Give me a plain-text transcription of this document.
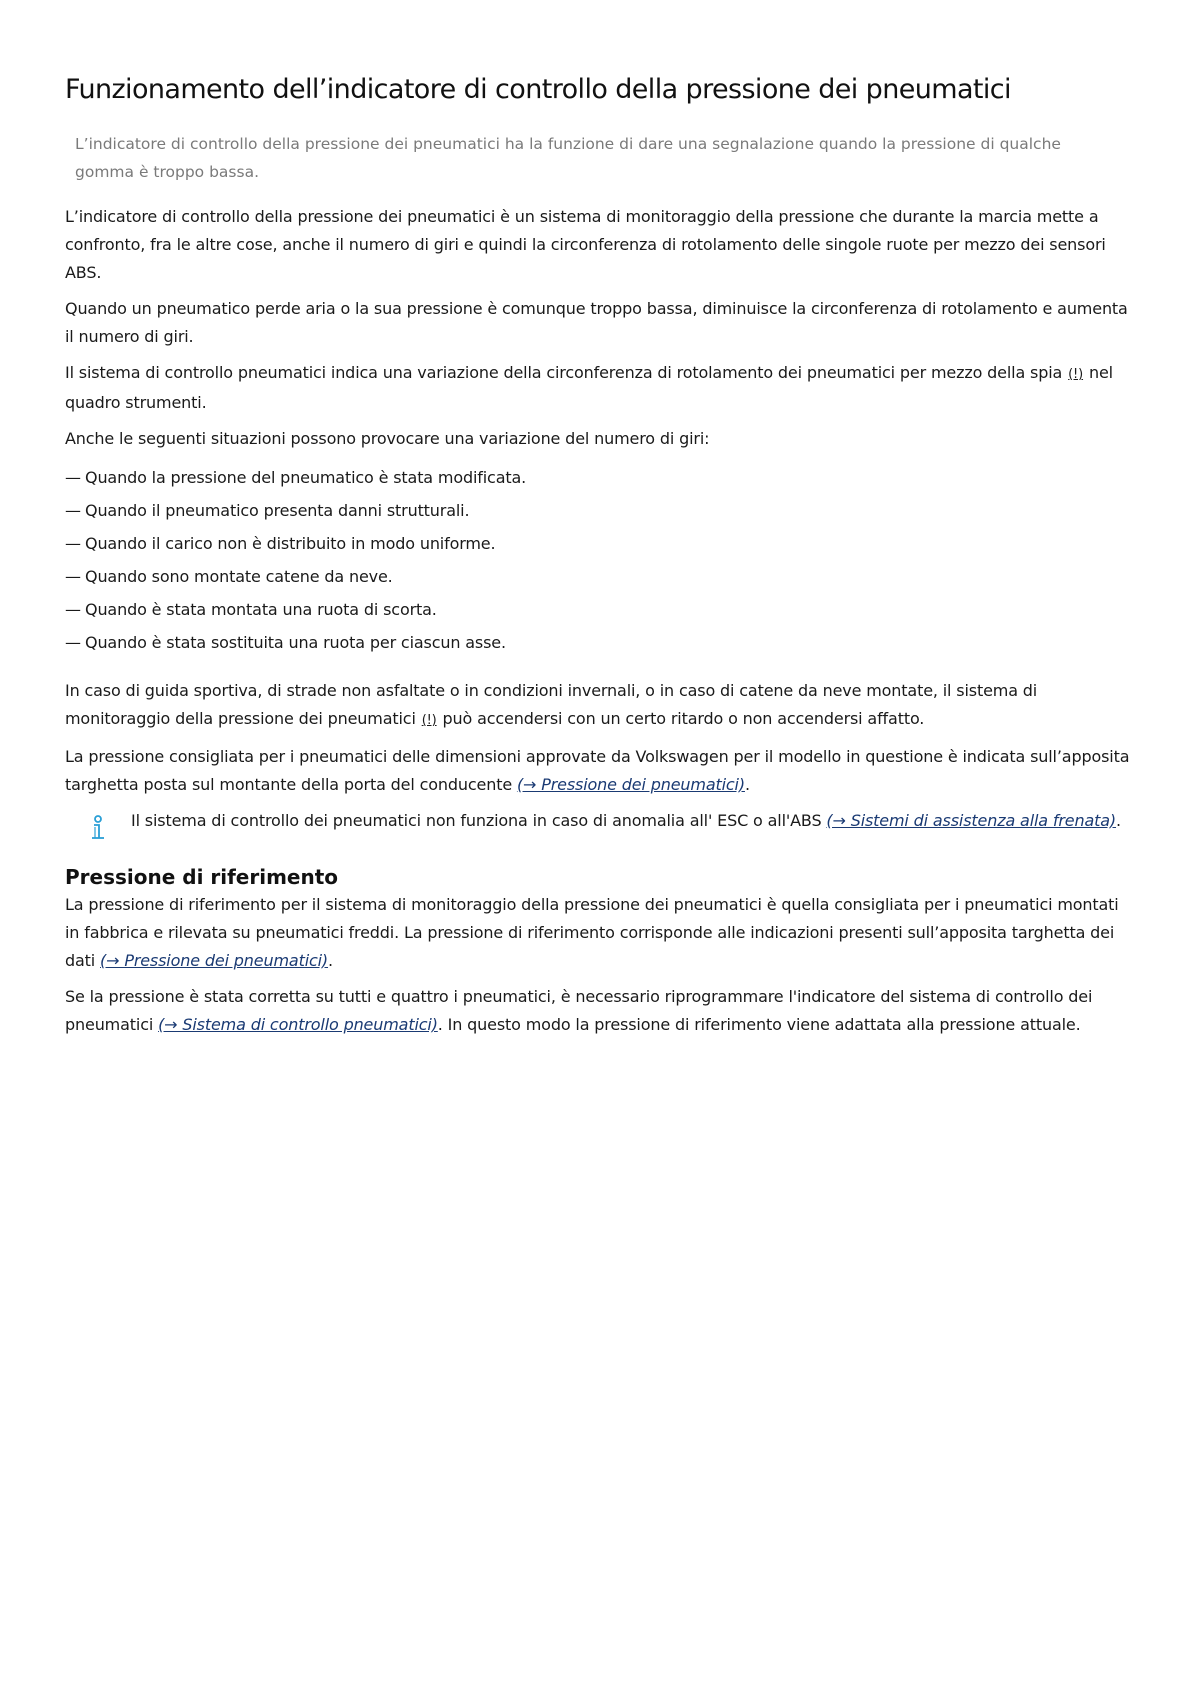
Funzionamento dell’indicatore di controllo della pressione dei pneumatici

L’indicatore di controllo della pressione dei pneumatici ha la funzione di dare una segnalazione quando la pressione di qualche gomma è troppo bassa.

L’indicatore di controllo della pressione dei pneumatici è un sistema di monitoraggio della pressione che durante la marcia mette a confronto, fra le altre cose, anche il numero di giri e quindi la circonferenza di rotolamento delle singole ruote per mezzo dei sensori ABS.

Quando un pneumatico perde aria o la sua pressione è comunque troppo bassa, diminuisce la circonferenza di rotolamento e aumenta il numero di giri.

Il sistema di controllo pneumatici indica una variazione della circonferenza di rotolamento dei pneumatici per mezzo della spia (!) nel quadro strumenti.

Anche le seguenti situazioni possono provocare una variazione del numero di giri:

— Quando la pressione del pneumatico è stata modificata.
— Quando il pneumatico presenta danni strutturali.
— Quando il carico non è distribuito in modo uniforme.
— Quando sono montate catene da neve.
— Quando è stata montata una ruota di scorta.
— Quando è stata sostituita una ruota per ciascun asse.

In caso di guida sportiva, di strade non asfaltate o in condizioni invernali, o in caso di catene da neve montate, il sistema di monitoraggio della pressione dei pneumatici (!) può accendersi con un certo ritardo o non accendersi affatto.

La pressione consigliata per i pneumatici delle dimensioni approvate da Volkswagen per il modello in questione è indicata sull’apposita targhetta posta sul montante della porta del conducente (→ Pressione dei pneumatici).

Il sistema di controllo dei pneumatici non funziona in caso di anomalia all' ESC o all'ABS (→ Sistemi di assistenza alla frenata).

Pressione di riferimento

La pressione di riferimento per il sistema di monitoraggio della pressione dei pneumatici è quella consigliata per i pneumatici montati in fabbrica e rilevata su pneumatici freddi. La pressione di riferimento corrisponde alle indicazioni presenti sull’apposita targhetta dei dati (→ Pressione dei pneumatici).

Se la pressione è stata corretta su tutti e quattro i pneumatici, è necessario riprogrammare l'indicatore del sistema di controllo dei pneumatici (→ Sistema di controllo pneumatici). In questo modo la pressione di riferimento viene adattata alla pressione attuale.
